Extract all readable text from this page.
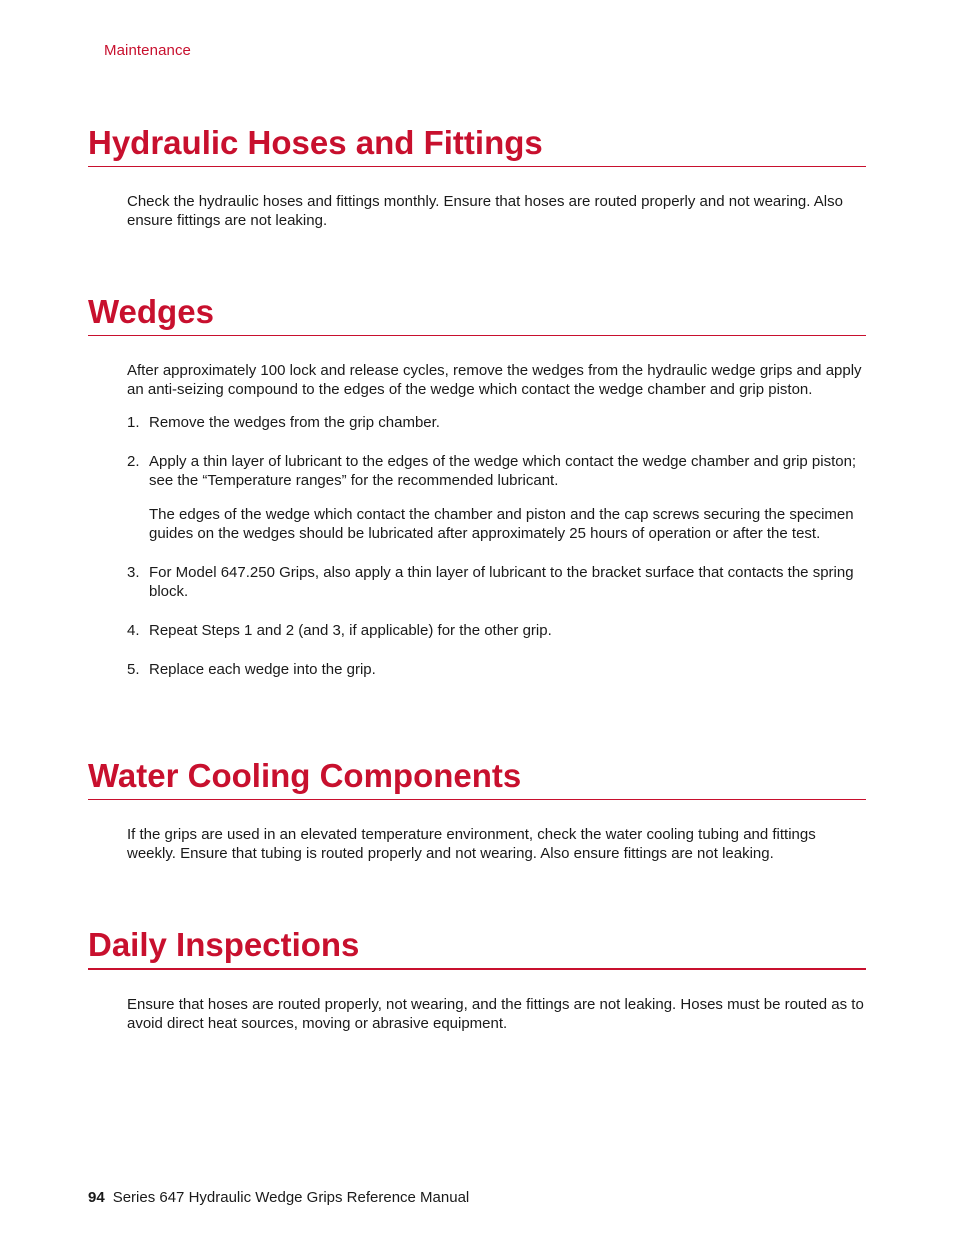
Maintenance
Hydraulic Hoses and Fittings

Check the hydraulic hoses and fittings monthly. Ensure that hoses are routed properly and not wearing. Also ensure fittings are not leaking.

Wedges

After approximately 100 lock and release cycles, remove the wedges from the hydraulic wedge grips and apply an anti-seizing compound to the edges of the wedge which contact the wedge chamber and grip piston.

1. Remove the wedges from the grip chamber.

2. Apply a thin layer of lubricant to the edges of the wedge which contact the wedge chamber and grip piston; see the “Temperature ranges” for the recommended lubricant.

The edges of the wedge which contact the chamber and piston and the cap screws securing the specimen guides on the wedges should be lubricated after approximately 25 hours of operation or after the test.

3. For Model 647.250 Grips, also apply a thin layer of lubricant to the bracket surface that contacts the spring block.

4. Repeat Steps 1 and 2 (and 3, if applicable) for the other grip.

5. Replace each wedge into the grip.

Water Cooling Components

If the grips are used in an elevated temperature environment, check the water cooling tubing and fittings weekly. Ensure that tubing is routed properly and not wearing. Also ensure fittings are not leaking.

Daily Inspections

Ensure that hoses are routed properly, not wearing, and the fittings are not leaking. Hoses must be routed as to avoid direct heat sources, moving or abrasive equipment.

94 Series 647 Hydraulic Wedge Grips Reference Manual
